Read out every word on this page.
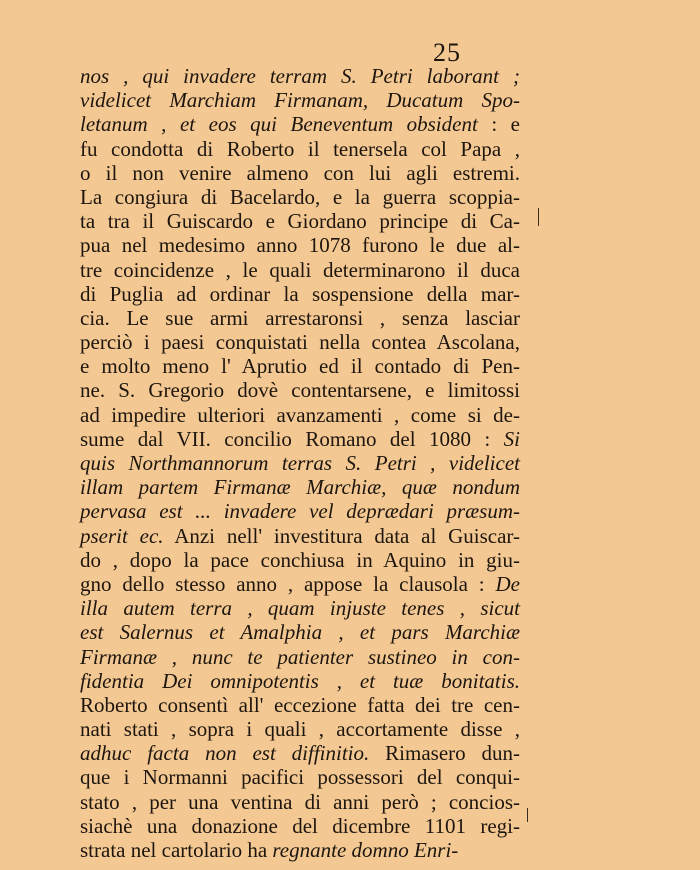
25
nos , qui invadere terram S. Petri laborant ;
videlicet Marchiam Firmanam, Ducatum Spo-
letanum , et eos qui Beneventum obsident : e
fu condotta di Roberto il tenersela col Papa ,
o il non venire almeno con lui agli estremi.
La congiura di Bacelardo, e la guerra scoppia-
ta tra il Guiscardo e Giordano principe di Ca-
pua nel medesimo anno 1078 furono le due al-
tre coincidenze , le quali determinarono il duca
di Puglia ad ordinar la sospensione della mar-
cia. Le sue armi arrestaronsi , senza lasciar
perciò i paesi conquistati nella contea Ascolana,
e molto meno l' Aprutio ed il contado di Pen-
ne. S. Gregorio dovè contentarsene, e limitossi
ad impedire ulteriori avanzamenti , come si de-
sume dal VII. concilio Romano del 1080 : Si
quis Northmannorum terras S. Petri , videlicet
illam partem Firmanæ Marchiæ, quæ nondum
pervasa est ... invadere vel deprædari præsum-
pserit ec. Anzi nell' investitura data al Guiscar-
do , dopo la pace conchiusa in Aquino in giu-
gno dello stesso anno , appose la clausola : De
illa autem terra , quam injuste tenes , sicut
est Salernus et Amalphia , et pars Marchiæ
Firmanæ , nunc te patienter sustineo in con-
fidentia Dei omnipotentis , et tuæ bonitatis.
Roberto consentì all' eccezione fatta dei tre cen-
nati stati , sopra i quali , accortamente disse ,
adhuc facta non est diffinitio. Rimasero dun-
que i Normanni pacifici possessori del conqui-
stato , per una ventina di anni però ; concios-
siachè una donazione del dicembre 1101 regi-
strata nel cartolario ha regnante domno Enri-
